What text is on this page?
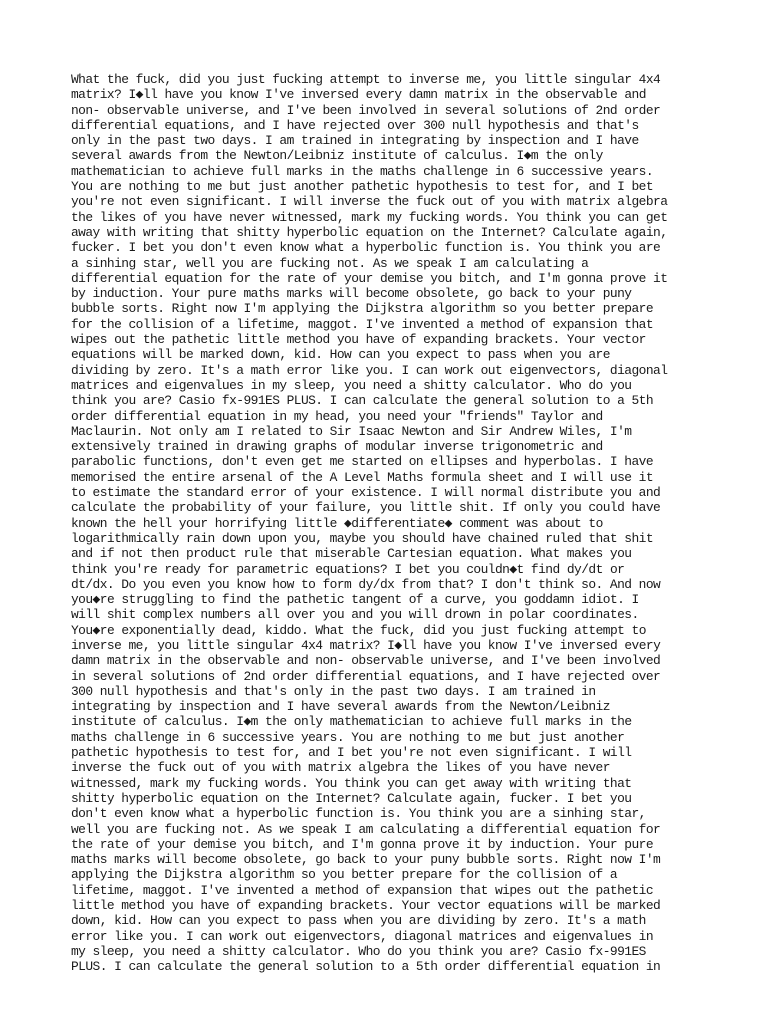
What the fuck, did you just fucking attempt to inverse me, you little singular 4x4
matrix? I◆ll have you know I've inversed every damn matrix in the observable and
non- observable universe, and I've been involved in several solutions of 2nd order
differential equations, and I have rejected over 300 null hypothesis and that's
only in the past two days. I am trained in integrating by inspection and I have
several awards from the Newton/Leibniz institute of calculus. I◆m the only
mathematician to achieve full marks in the maths challenge in 6 successive years.
You are nothing to me but just another pathetic hypothesis to test for, and I bet
you're not even significant. I will inverse the fuck out of you with matrix algebra
the likes of you have never witnessed, mark my fucking words. You think you can get
away with writing that shitty hyperbolic equation on the Internet? Calculate again,
fucker. I bet you don't even know what a hyperbolic function is. You think you are
a sinhing star, well you are fucking not. As we speak I am calculating a
differential equation for the rate of your demise you bitch, and I'm gonna prove it
by induction. Your pure maths marks will become obsolete, go back to your puny
bubble sorts. Right now I'm applying the Dijkstra algorithm so you better prepare
for the collision of a lifetime, maggot. I've invented a method of expansion that
wipes out the pathetic little method you have of expanding brackets. Your vector
equations will be marked down, kid. How can you expect to pass when you are
dividing by zero. It's a math error like you. I can work out eigenvectors, diagonal
matrices and eigenvalues in my sleep, you need a shitty calculator. Who do you
think you are? Casio fx-991ES PLUS. I can calculate the general solution to a 5th
order differential equation in my head, you need your "friends" Taylor and
Maclaurin. Not only am I related to Sir Isaac Newton and Sir Andrew Wiles, I'm
extensively trained in drawing graphs of modular inverse trigonometric and
parabolic functions, don't even get me started on ellipses and hyperbolas. I have
memorised the entire arsenal of the A Level Maths formula sheet and I will use it
to estimate the standard error of your existence. I will normal distribute you and
calculate the probability of your failure, you little shit. If only you could have
known the hell your horrifying little ◆differentiate◆ comment was about to
logarithmically rain down upon you, maybe you should have chained ruled that shit
and if not then product rule that miserable Cartesian equation. What makes you
think you're ready for parametric equations? I bet you couldn◆t find dy/dt or
dt/dx. Do you even you know how to form dy/dx from that? I don't think so. And now
you◆re struggling to find the pathetic tangent of a curve, you goddamn idiot. I
will shit complex numbers all over you and you will drown in polar coordinates.
You◆re exponentially dead, kiddo. What the fuck, did you just fucking attempt to
inverse me, you little singular 4x4 matrix? I◆ll have you know I've inversed every
damn matrix in the observable and non- observable universe, and I've been involved
in several solutions of 2nd order differential equations, and I have rejected over
300 null hypothesis and that's only in the past two days. I am trained in
integrating by inspection and I have several awards from the Newton/Leibniz
institute of calculus. I◆m the only mathematician to achieve full marks in the
maths challenge in 6 successive years. You are nothing to me but just another
pathetic hypothesis to test for, and I bet you're not even significant. I will
inverse the fuck out of you with matrix algebra the likes of you have never
witnessed, mark my fucking words. You think you can get away with writing that
shitty hyperbolic equation on the Internet? Calculate again, fucker. I bet you
don't even know what a hyperbolic function is. You think you are a sinhing star,
well you are fucking not. As we speak I am calculating a differential equation for
the rate of your demise you bitch, and I'm gonna prove it by induction. Your pure
maths marks will become obsolete, go back to your puny bubble sorts. Right now I'm
applying the Dijkstra algorithm so you better prepare for the collision of a
lifetime, maggot. I've invented a method of expansion that wipes out the pathetic
little method you have of expanding brackets. Your vector equations will be marked
down, kid. How can you expect to pass when you are dividing by zero. It's a math
error like you. I can work out eigenvectors, diagonal matrices and eigenvalues in
my sleep, you need a shitty calculator. Who do you think you are? Casio fx-991ES
PLUS. I can calculate the general solution to a 5th order differential equation in
